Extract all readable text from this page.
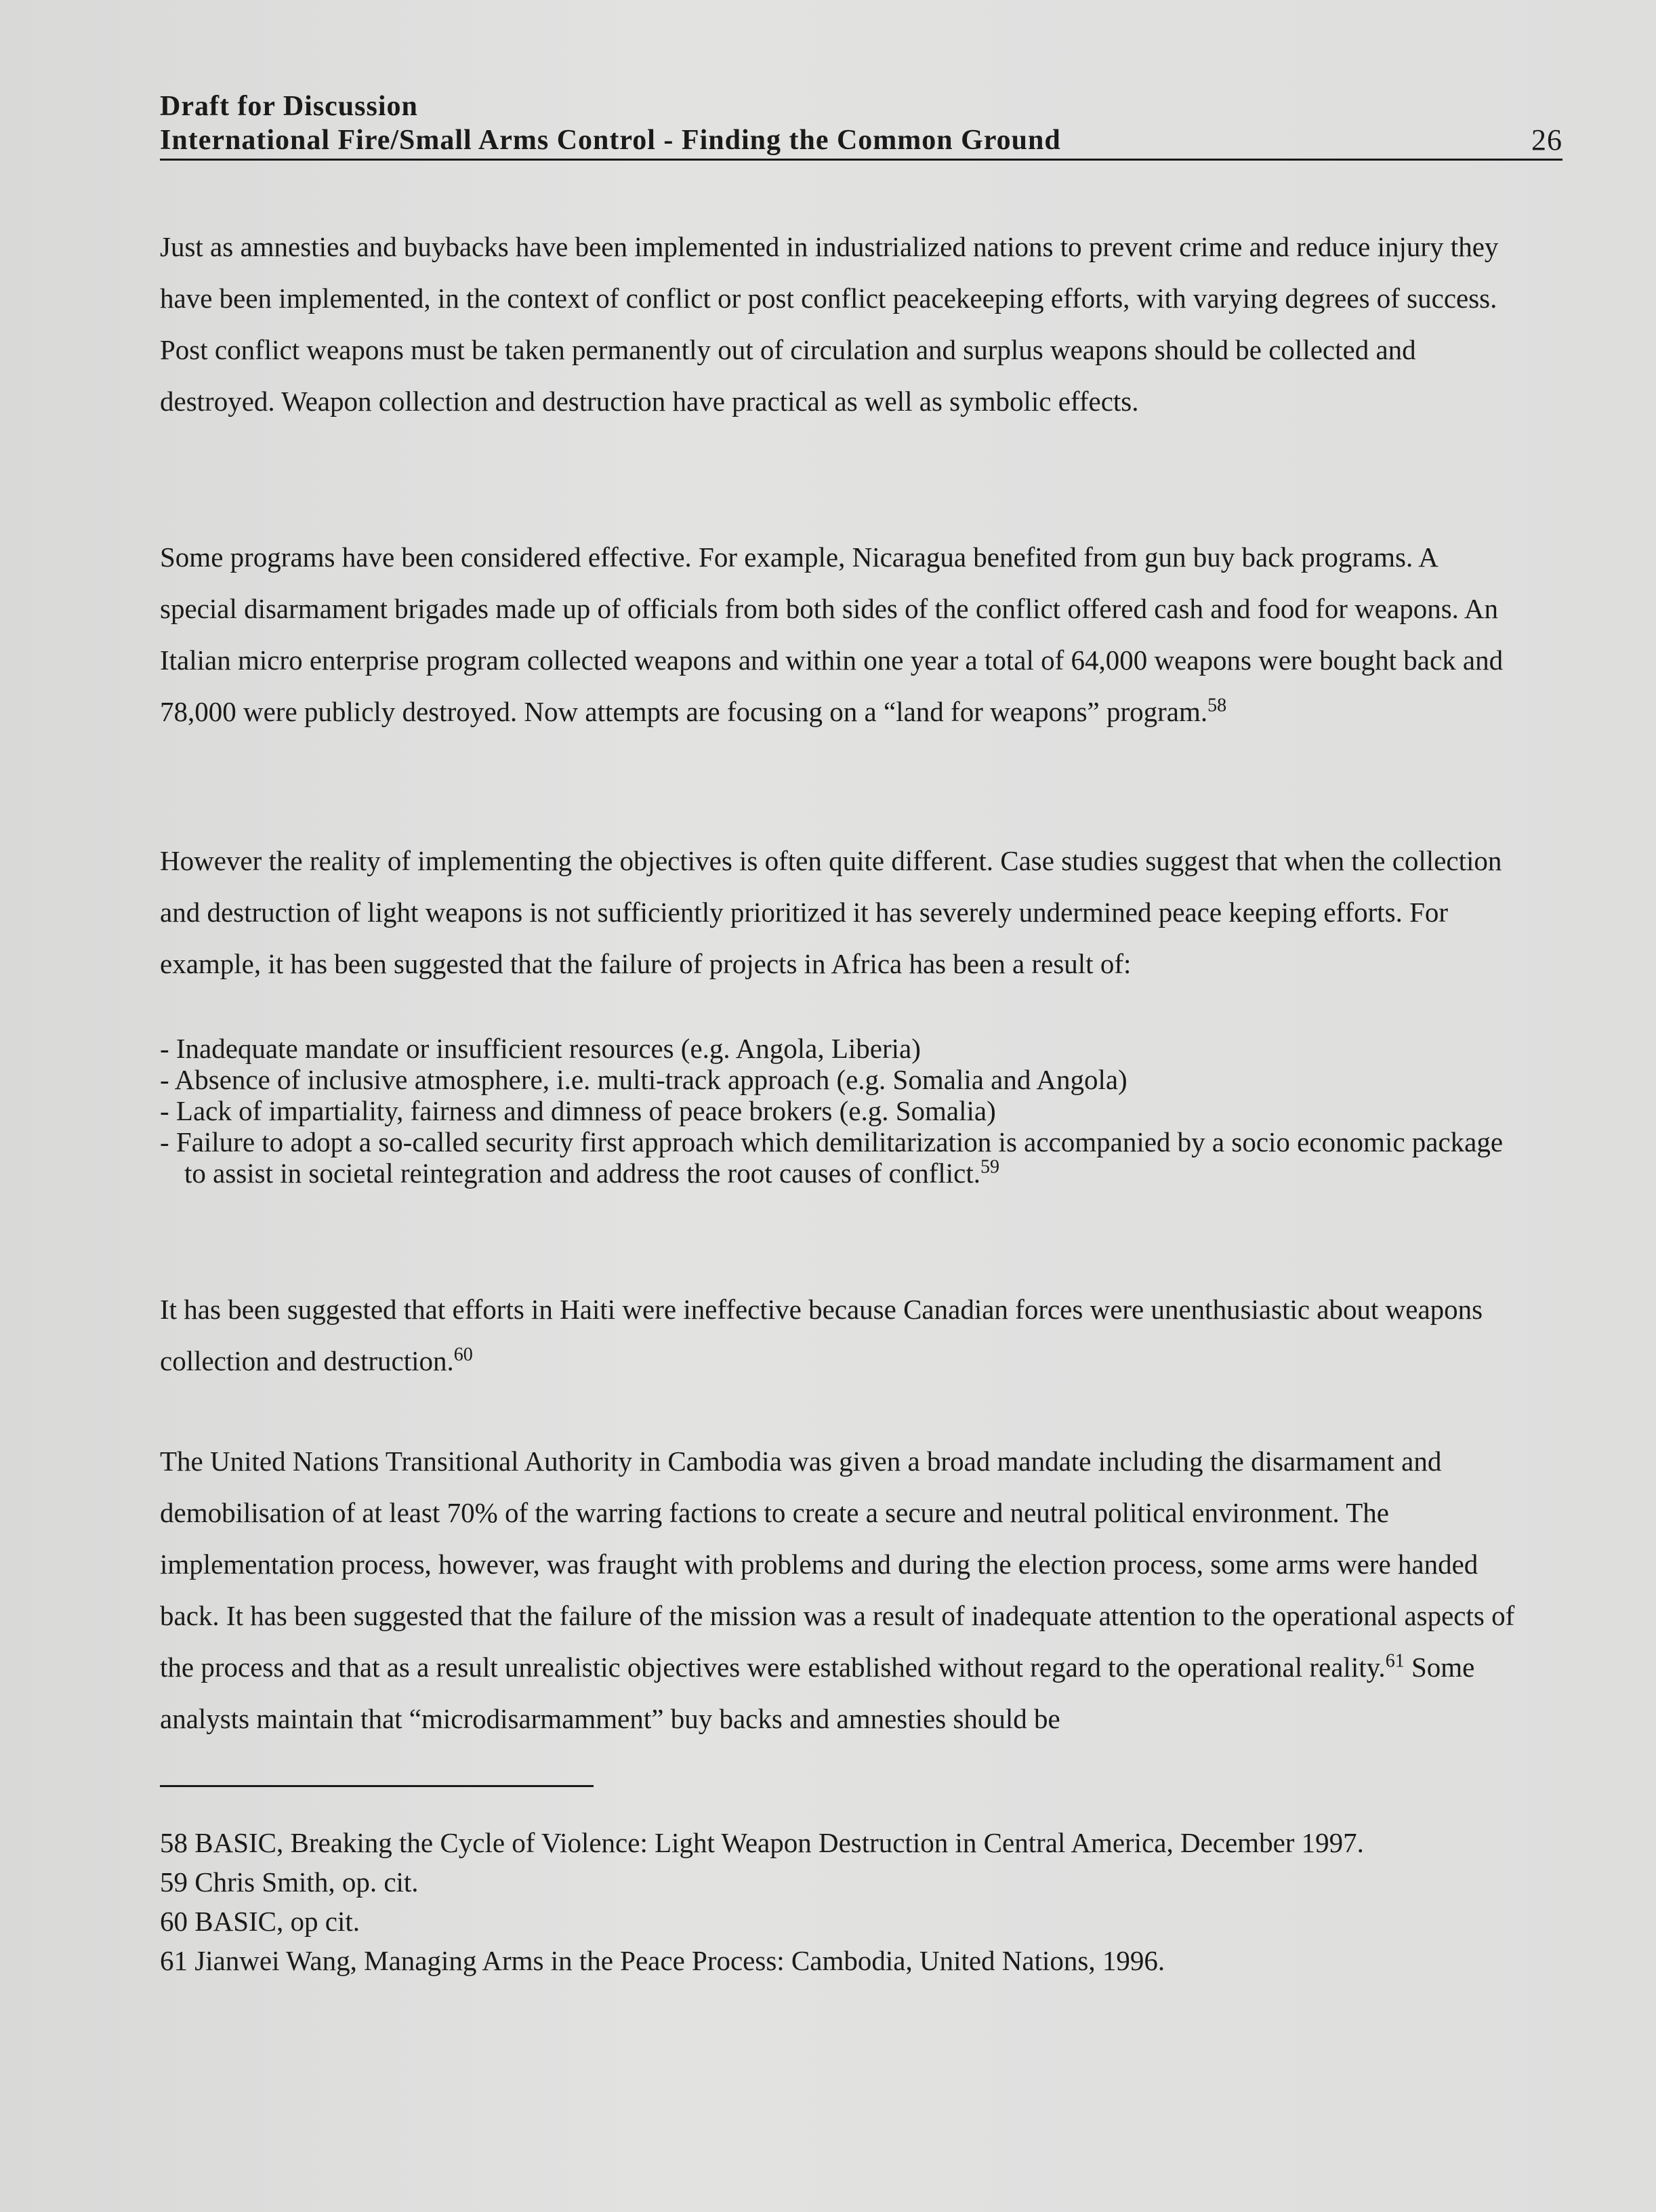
Draft for Discussion
International Fire/Small Arms Control - Finding the Common Ground	26

Just as amnesties and buybacks have been implemented in industrialized nations to prevent crime and reduce injury they have been implemented, in the context of conflict or post conflict peacekeeping efforts, with varying degrees of success. Post conflict weapons must be taken permanently out of circulation and surplus weapons should be collected and destroyed. Weapon collection and destruction have practical as well as symbolic effects.

Some programs have been considered effective. For example, Nicaragua benefited from gun buy back programs. A special disarmament brigades made up of officials from both sides of the conflict offered cash and food for weapons. An Italian micro enterprise program collected weapons and within one year a total of 64,000 weapons were bought back and 78,000 were publicly destroyed. Now attempts are focusing on a “land for weapons” program.$^{58}$

However the reality of implementing the objectives is often quite different. Case studies suggest that when the collection and destruction of light weapons is not sufficiently prioritized it has severely undermined peace keeping efforts. For example, it has been suggested that the failure of projects in Africa has been a result of:

- Inadequate mandate or insufficient resources (e.g. Angola, Liberia)
- Absence of inclusive atmosphere, i.e. multi-track approach (e.g. Somalia and Angola)
- Lack of impartiality, fairness and dimness of peace brokers (e.g. Somalia)
- Failure to adopt a so-called security first approach which demilitarization is accompanied by a socio economic package to assist in societal reintegration and address the root causes of conflict.$^{59}$

It has been suggested that efforts in Haiti were ineffective because Canadian forces were unenthusiastic about weapons collection and destruction.$^{60}$

The United Nations Transitional Authority in Cambodia was given a broad mandate including the disarmament and demobilisation of at least 70% of the warring factions to create a secure and neutral political environment. The implementation process, however, was fraught with problems and during the election process, some arms were handed back. It has been suggested that the failure of the mission was a result of inadequate attention to the operational aspects of the process and that as a result unrealistic objectives were established without regard to the operational reality.$^{61}$ Some analysts maintain that “microdisarmamment” buy backs and amnesties should be

58 BASIC, Breaking the Cycle of Violence: Light Weapon Destruction in Central America, December 1997.

59 Chris Smith, op. cit.

60 BASIC, op cit.

61 Jianwei Wang, Managing Arms in the Peace Process: Cambodia, United Nations, 1996.
